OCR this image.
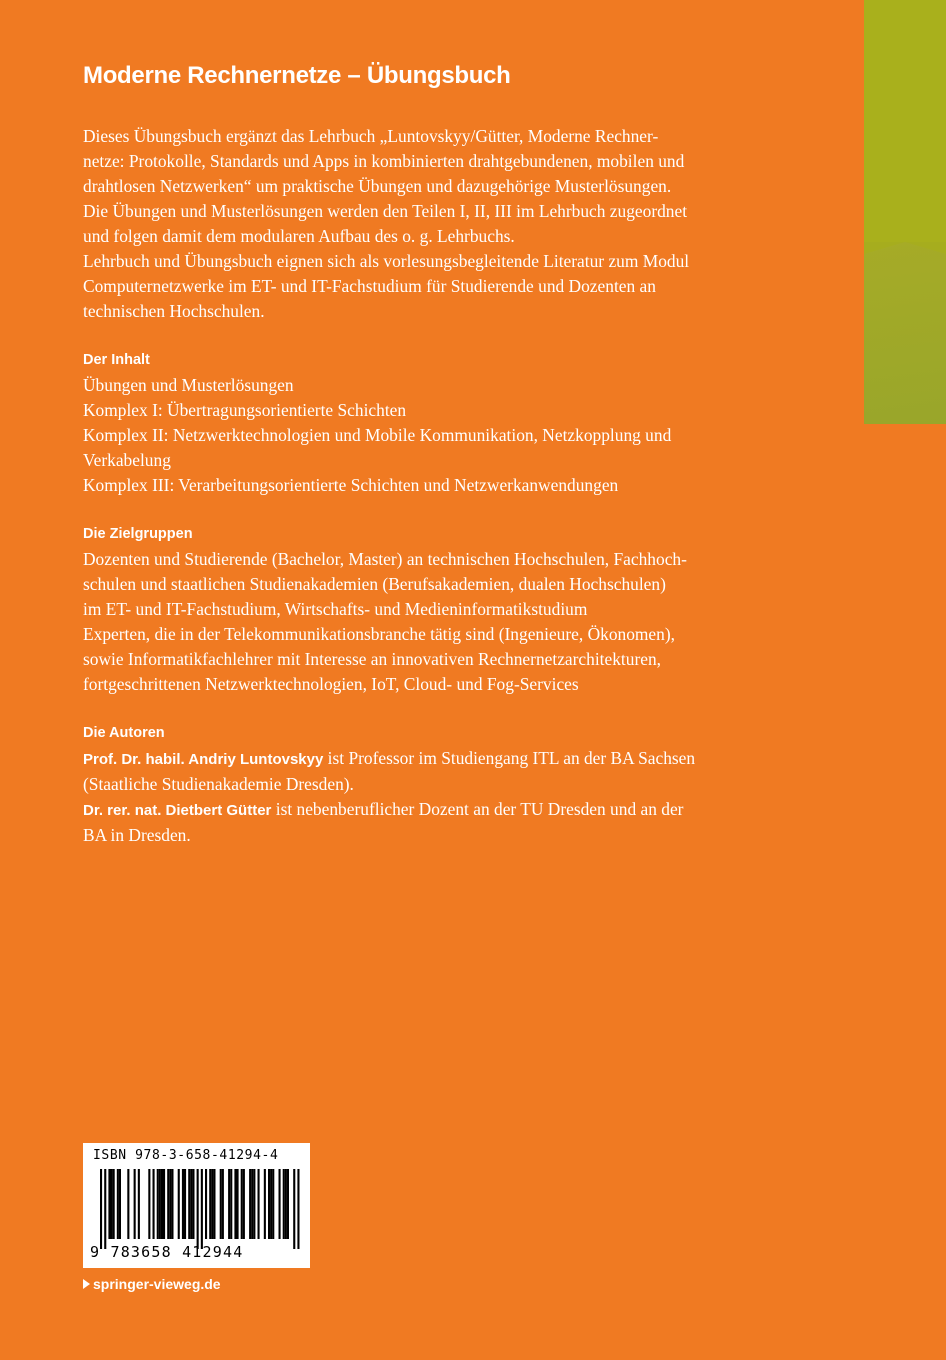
Moderne Rechnernetze – Übungsbuch

Dieses Übungsbuch ergänzt das Lehrbuch „Luntovskyy/Gütter, Moderne Rechner-

netze: Protokolle, Standards und Apps in kombinierten drahtgebundenen, mobilen und

drahtlosen Netzwerken“ um praktische Übungen und dazugehörige Musterlösungen.

Die Übungen und Musterlösungen werden den Teilen I, II, III im Lehrbuch zugeordnet

und folgen damit dem modularen Aufbau des o. g. Lehrbuchs.

Lehrbuch und Übungsbuch eignen sich als vorlesungsbegleitende Literatur zum Modul

Computernetzwerke im ET- und IT-Fachstudium für Studierende und Dozenten an

technischen Hochschulen.

Der Inhalt

Übungen und Musterlösungen

Komplex I: Übertragungsorientierte Schichten

Komplex II: Netzwerktechnologien und Mobile Kommunikation, Netzkopplung und

Verkabelung

Komplex III: Verarbeitungsorientierte Schichten und Netzwerkanwendungen

Die Zielgruppen

Dozenten und Studierende (Bachelor, Master) an technischen Hochschulen, Fachhoch-

schulen und staatlichen Studienakademien (Berufsakademien, dualen Hochschulen)

im ET- und IT-Fachstudium, Wirtschafts- und Medieninformatikstudium

Experten, die in der Telekommunikationsbranche tätig sind (Ingenieure, Ökonomen),

sowie Informatikfachlehrer mit Interesse an innovativen Rechnernetzarchitekturen,

fortgeschrittenen Netzwerktechnologien, IoT, Cloud- und Fog-Services

Die Autoren

Prof. Dr. habil. Andriy Luntovskyy ist Professor im Studiengang ITL an der BA Sachsen

(Staatliche Studienakademie Dresden).

Dr. rer. nat. Dietbert Gütter ist nebenberuflicher Dozent an der TU Dresden und an der

BA in Dresden.

ISBN 978-3-658-41294-4
9 783658 412944
springer-vieweg.de
